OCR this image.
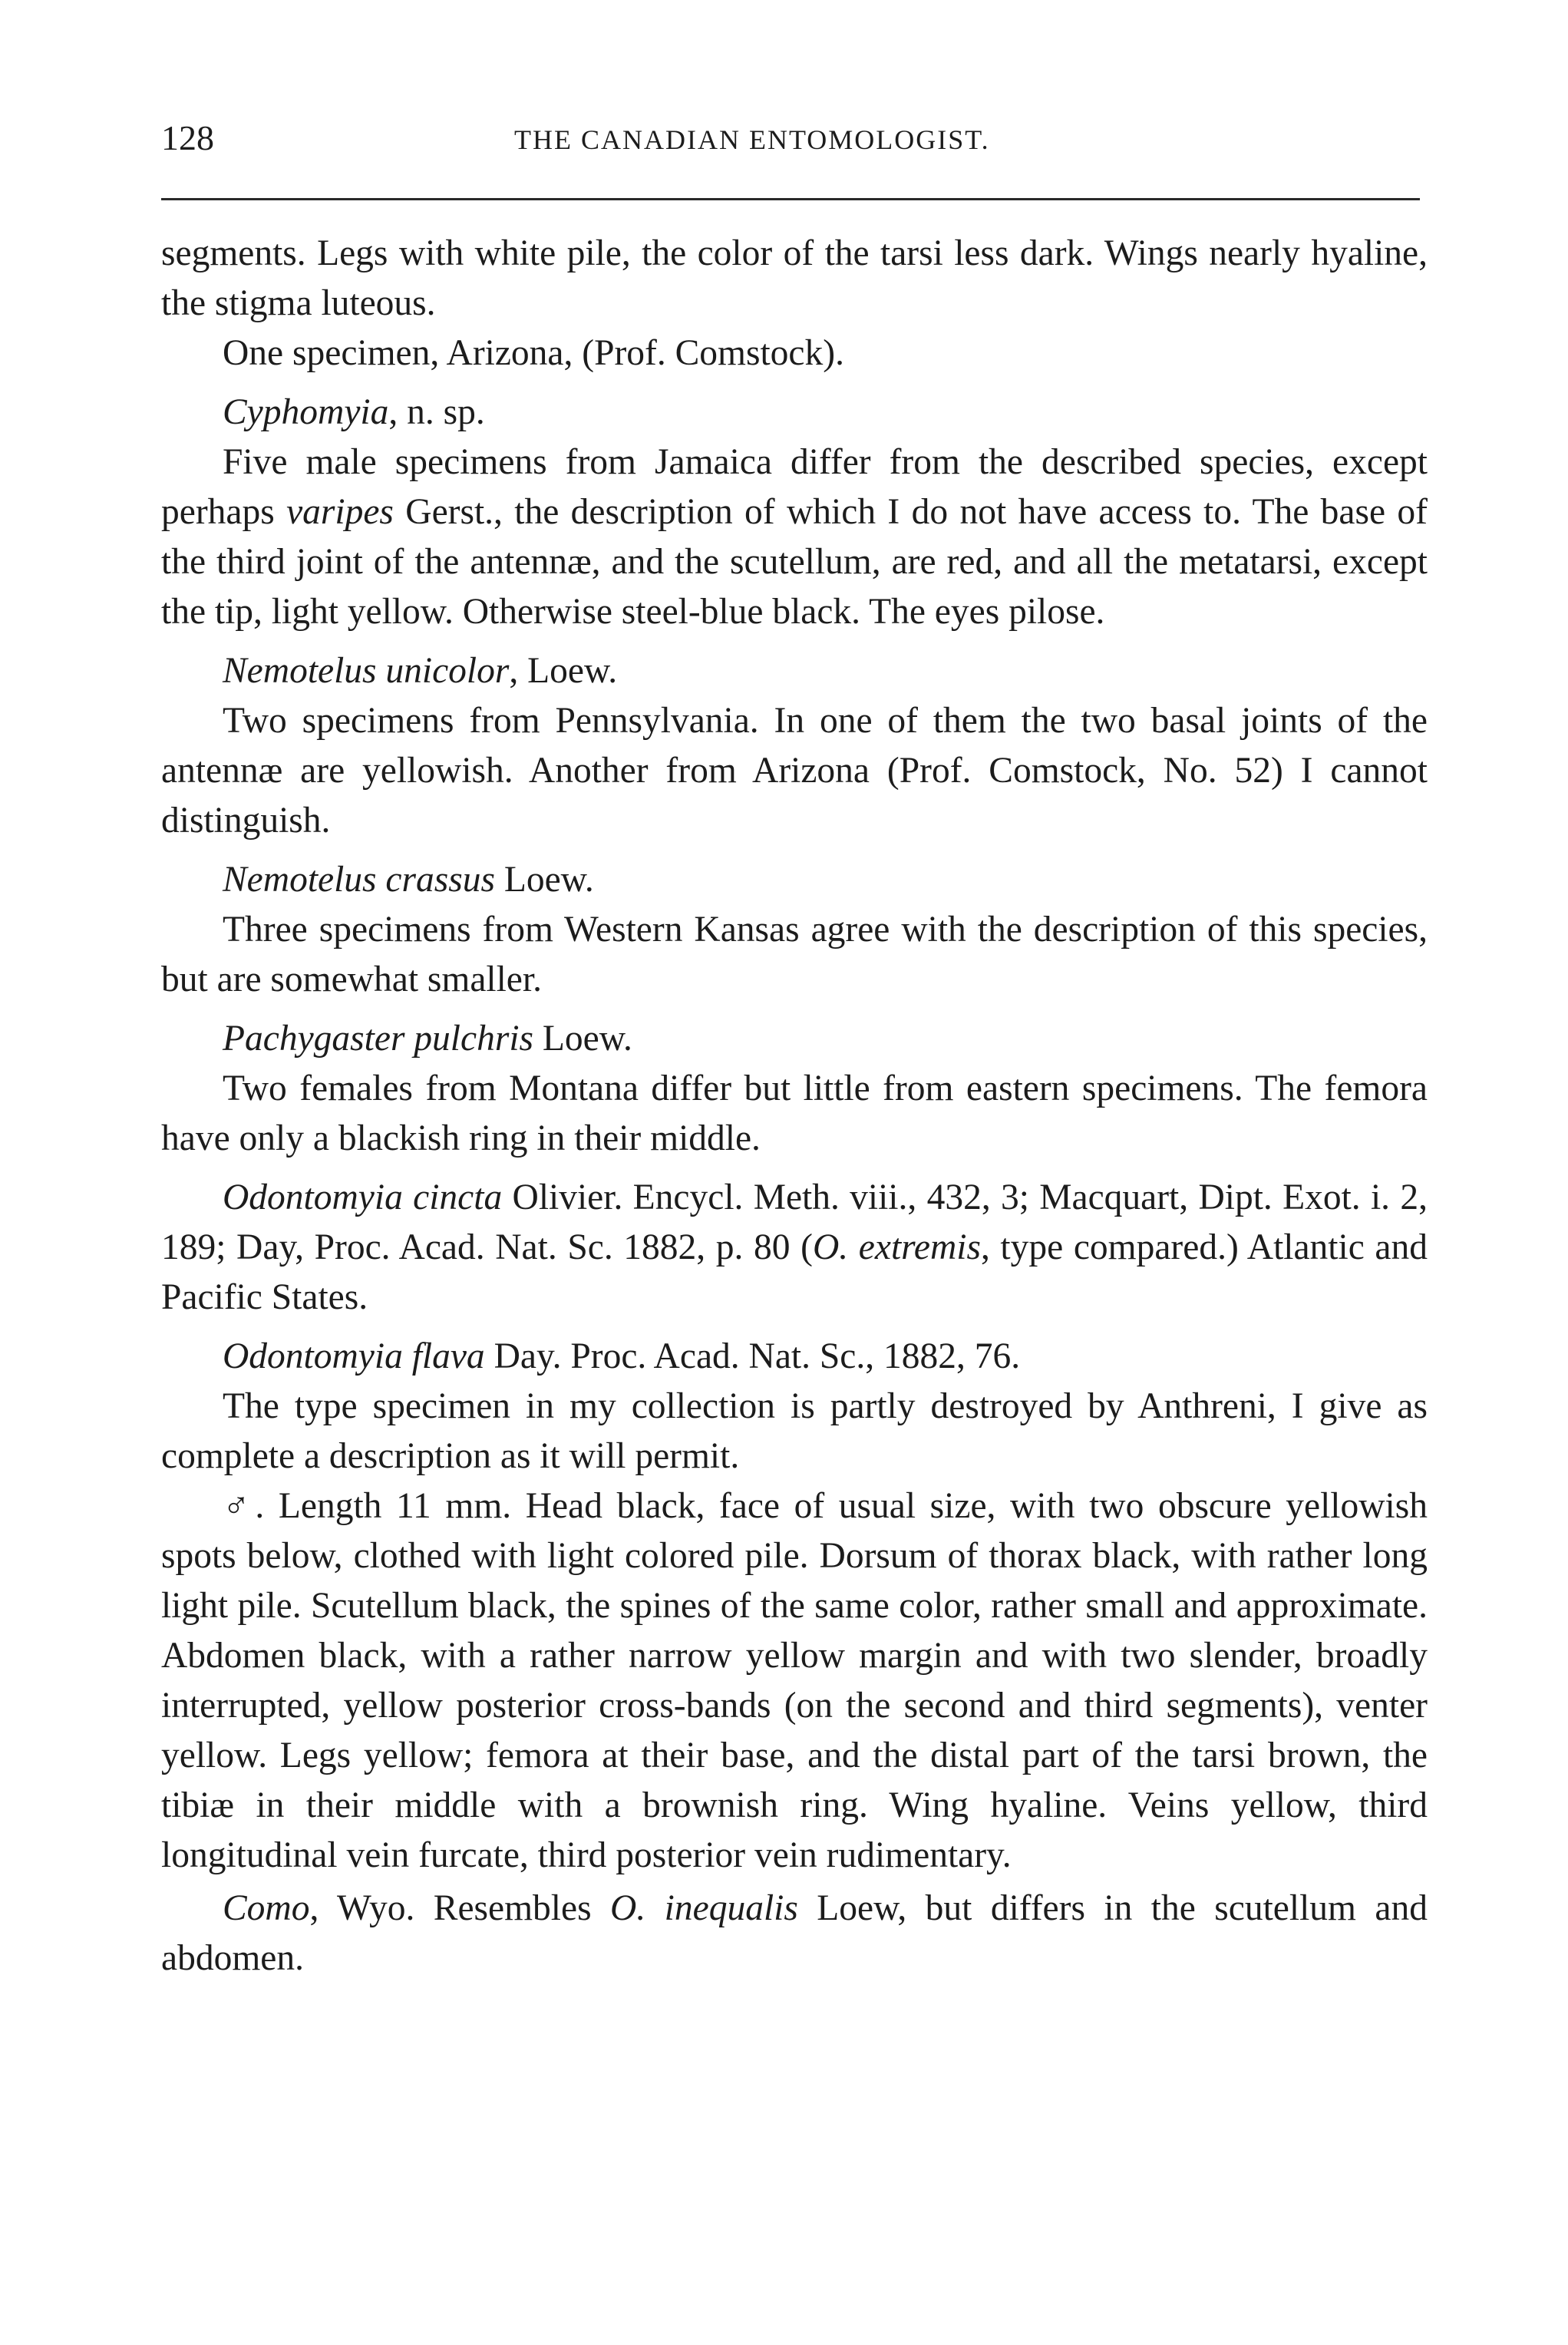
128	THE CANADIAN ENTOMOLOGIST.

segments. Legs with white pile, the color of the tarsi less dark. Wings nearly hyaline, the stigma luteous.

One specimen, Arizona, (Prof. Comstock).

Cyphomyia, n. sp.

Five male specimens from Jamaica differ from the described species, except perhaps varipes Gerst., the description of which I do not have access to. The base of the third joint of the antennæ, and the scutellum, are red, and all the metatarsi, except the tip, light yellow. Otherwise steel-blue black. The eyes pilose.

Nemotelus unicolor, Loew.

Two specimens from Pennsylvania. In one of them the two basal joints of the antennæ are yellowish. Another from Arizona (Prof. Comstock, No. 52) I cannot distinguish.

Nemotelus crassus Loew.

Three specimens from Western Kansas agree with the description of this species, but are somewhat smaller.

Pachygaster pulchris Loew.

Two females from Montana differ but little from eastern specimens. The femora have only a blackish ring in their middle.

Odontomyia cincta Olivier. Encycl. Meth. viii., 432, 3; Macquart, Dipt. Exot. i. 2, 189; Day, Proc. Acad. Nat. Sc. 1882, p. 80 (O. extremis, type compared.) Atlantic and Pacific States.

Odontomyia flava Day. Proc. Acad. Nat. Sc., 1882, 76.

The type specimen in my collection is partly destroyed by Anthreni, I give as complete a description as it will permit.

♂. Length 11 mm. Head black, face of usual size, with two obscure yellowish spots below, clothed with light colored pile. Dorsum of thorax black, with rather long light pile. Scutellum black, the spines of the same color, rather small and approximate. Abdomen black, with a rather narrow yellow margin and with two slender, broadly interrupted, yellow posterior cross-bands (on the second and third segments), venter yellow. Legs yellow; femora at their base, and the distal part of the tarsi brown, the tibiæ in their middle with a brownish ring. Wing hyaline. Veins yellow, third longitudinal vein furcate, third posterior vein rudimentary.

Como, Wyo. Resembles O. inequalis Loew, but differs in the scutellum and abdomen.
